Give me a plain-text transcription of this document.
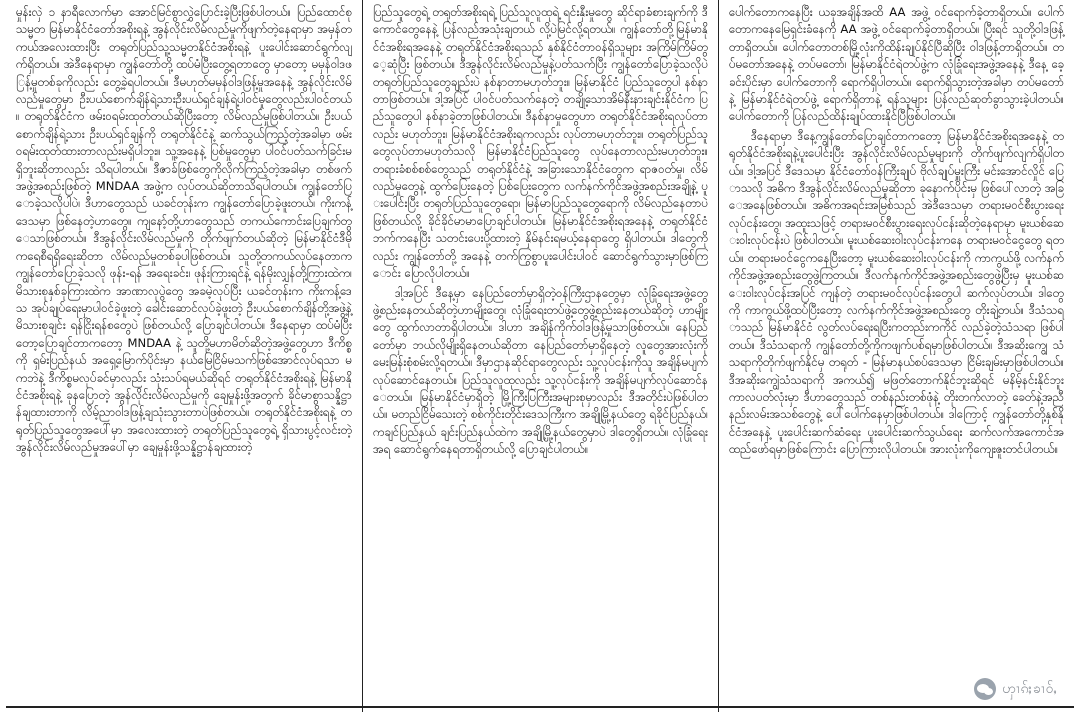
မှုန်းလှဲ ၁ နာရီလောက်မှာ အောင်မြင်စွာလွှဲပြောင်းခဲ့ပြီးဖြစ်ပါတယ်။ ပြည်ထောင်စုသမ္မတ မြန်မာနိုင်ငံတော်အစိုးရနဲ့ အွန်လိုင်းလိမ်လည်မှုကိုဖျက်တဲ့နေရာမှာ အမှန်တကယ်အလေးထားပြီး တရုတ်ပြည်သူ့သမ္မတနိုင်ငံအစိုးရနဲ့ ပူးပေါင်းဆောင်ရွက်လျက်ရှိတယ်။ အဲဒီနေရာမှာ ကျွန်တော်တို့ ထပ်မံပြီးတွေ့ရတာတွေ မှာတော့ မမှန်ဝါဒဖြန့်မှုတစ်ခုကိုလည်း တွေ့ခဲ့ရပါတယ်။ ဒီမဟုတ်မမှန်ဝါဒဖြန့်မှုအနေနဲ့ အွန်လိုင်းလိမ်လည်မှုတွေမှာ ဦးပယ်စောက်ချိန်ရဲ့သားဦးပယ်ရှင်ချန်ရဲ့ပါဝင်မှုတွေလည်းပါဝင်တယ်။ တရုတ်နိုင်ငံက ဖမ်းဝရမ်းထုတ်တယ်ဆိုပြီးတော့ လိမ်လည်မှုဖြစ်ပါတယ်။ ဦးပယ်စောက်ချိန်ရဲ့သား ဦးပယ်ရှင်ချန်ကို တရုတ်နိုင်ငံနဲ့ ဆက်သွယ်ကြည့်တဲ့အခါမှာ ဖမ်းဝရမ်းထုတ်ထားတာလည်းမရှိပါဘူး။ သူ့အနေနဲ့ ပြစ်မှုတွေမှာ ပါဝင်ပတ်သက်ခြင်းမရှိဘူးဆိုတာလည်း သိရပါတယ်။ ဒီဇာခ်ဖြစ်တွေကိုလိုက်ကြည့်တဲ့အခါမှာ တစ်ဖက်အဖွဲ့အစည်းဖြစ်တဲ့ MNDAA အဖွဲ့က လုပ်တယ်ဆိုတာသိရပါတယ်။ ကျွန်တော်ပြောခဲ့သလိုပါပဲ၊ ဒီဟာတွေသည် ယခင်တုန်းက ကျွန်တော်ပြောခဲ့ဖူးတယ်၊ ကိုးကန့်ဒေသမှာ ဖြစ်နေတဲ့ဟာတွေ။ ကျနော့်တို့ဟာတွေသည် တကယ်ကောင်းပြေချက်တွေသာဖြစ်တယ်။ ဒီအွန်လိုင်းလိမ်လည်မှုကို တိုက်ဖျက်တယ်ဆိုတဲ့ မြန်မာနိုင်ငံဒီမိုကရေစီရရှိရေးဆိုတာ လိမ်လည်မှုတစ်ခုပါဖြစ်တယ်။ သူတို့တကယ်လုပ်နေတာက ကျွန်တော်ပြောခဲ့သလို ဖုန်း-ရန် အရေးခင်း၊ ဖုန်းကြားရင်နဲ့ ရန်မိုးလျှန်တို့ကြားထဲက၊ မိသားစုနှစ်ခုကြားထဲက အာဏာလုပွဲတွေ အခမဲ့လုပ်ပြီး ယခင်တုန်းက ကိုးကန့်ဒေသ အုပ်ချုပ်ရေးမှာပါဝင်ခဲ့ဖူးတဲ့ ခေါင်းဆောင်လုပ်ခဲ့ဖူးတဲ့ ဦးပယ်စောက်ချိန်တို့အဖွဲ့နဲ့ မိသားစုချင်း ရန်ငြိုးရန်စတွေပဲ ဖြစ်တယ်လို့ ပြောချင်ပါတယ်။ ဒီနေရာမှာ ထပ်မံပြီးတော့ပြောချင်တာကတော့ MNDAA နဲ့ သူတို့မဟာမိတ်ဆိုတဲ့အဖွဲ့တွေဟာ ဒီကိစ္စကို ရှမ်းပြည်နယ် အရှေ့မြောက်ပိုင်းမှာ နယ်မြေငြိမ်မသက်ဖြစ်အောင်လုပ်ရသာ မကဘဲနဲ့ ဒီကိစ္စမလုပ်ခင်မှာလည်း သုံးသပ်ရမယ်ဆိုရင် တရုတ်နိုင်ငံအစိုးရနဲ့ မြန်မာနိုင်ငံအစိုးရနဲ့ ခုနပြောတဲ့ အွန်လိုင်းလိမ်လည်မှုကို ချေမှုန်းဖို့အတွက် ခိုင်မာစွာသန္နိဋ္ဌာန်ချထားတာကို လိမ့်ညာဝါဒဖြန့်ချသုံးသွားတာပဲဖြစ်တယ်။ တရုတ်နိုင်ငံအစိုးရနဲ့ တရုတ်ပြည်သူတွေအပေါ်မှာ အလေးထားတဲ့ တရုတ်ပြည်သူတွေရဲ့ ရှိသားပွင့်လင်းတဲ့ အွန်လိုင်းလိမ်လည်မှုအပေါ်မှာ ချေမှုန်းဖို့သန္နိဋ္ဌာန်ချထားတဲ့

ပြည်သူတွေရဲ့ တရုတ်အစိုးရရဲ့ ပြည်သူလူထုရဲ့ ရင်းနှီးမှုတွေ ဆိုင်ရာခံစားချက်ကို ဒီကောင်တွေနေနဲ့ ပြန်လည်အသုံးချတယ် လို့ပဲမြင်လို့ရတယ်။ ကျွန်တော်တို့မြန်မာနိုင်ငံအစိုးရအနေနဲ့ တရုတ်နိုင်ငံအစိုးရသည် နှစ်နိုင်ငံတာဝန်ရှိသူများ အကြိမ်ကြိမ်တွေ့ဆုံပြီး ဖြစ်တယ်။ ဒီအွန်လိုင်းလိမ်လည်မှုနဲ့ပတ်သက်ပြီး ကျွန်တော်ပြောခဲ့သလိုပဲ တရုတ်ပြည်သူတွေချည်းပဲ နစ်နာတာမဟုတ်ဘူး။ မြန်မာနိုင်ငံ ပြည်သူတွေပါ နစ်နာတာဖြစ်တယ်။ ဒါ့အပြင် ပါဝင်ပတ်သက်နေတဲ့ တချို့သောအိမ်နီးနားချင်းနိုင်ငံက ပြည်သူတွေပါ နစ်နာခဲ့တာဖြစ်ပါတယ်။ ဒီနစ်နာမှုတွေဟာ တရုတ်နိုင်ငံအစိုးရလုပ်တာလည်း မဟုတ်ဘူး၊ မြန်မာနိုင်ငံအစိုးရကလည်း လုပ်တာမဟုတ်ဘူး။ တရုတ်ပြည်သူတွေလုပ်တာမဟုတ်သလို မြန်မာနိုင်ငံပြည်သူတွေ လုပ်နေတာလည်းမဟုတ်ဘူး။ တရားခံစစ်စစ်တွေသည် တရုတ်နိုင်ငံနဲ့ အခြားသောနိုင်ငံတွေက ရာဇဝတ်မှု၊ လိမ်လည်မှုတွေနဲ့ ထွက်ပြေးနေတဲ့ ပြစ်ပြေးတွေက လက်နက်ကိုင်အဖွဲ့အစည်းအချို့နဲ့ ပူးပေါင်းပြီး တရုတ်ပြည်သူတွေရော၊ မြန်မာပြည်သူတွေရောကို လိမ်လည်နေတာပဲဖြစ်တယ်လို့ ခိုင်ခိုင်မာမာပြောချင်ပါတယ်။ မြန်မာနိုင်ငံအစိုးရအနေနဲ့ တရုတ်နိုင်ငံဘက်ကနေပြီး သတင်းပေးပို့ထားတဲ့ နှိမ်နင်းရမယ့်နေရာတွေ ရှိပါတယ်။ ဒါတွေကိုလည်း ကျွန်တော်တို့ အနေနဲ့ တက်ကြွစွာပူးပေါင်းပါဝင် ဆောင်ရွက်သွားမှာဖြစ်ကြောင်း ပြောလိုပါတယ်။

ဒါ့အပြင် ဒီနေ့မှာ နေပြည်တော်မှာရှိတဲ့ဝန်ကြီးဌာနတွေမှာ လုံခြုံရေးအဖွဲ့တွေ ဖွဲ့စည်းနေတယ်ဆိုတဲ့ဟာမျိုးတွေ၊ လုံခြုံရေးတပ်ဖွဲ့တွေဖွဲ့စည်းနေတယ်ဆိုတဲ့ ဟာမျိုးတွေ ထွက်လာတာရှိပါတယ်။ ဒါဟာ အချိန်ကိုက်ဝါဒဖြန့်မှုသာဖြစ်တယ်။ နေပြည်တော်မှာ ဘယ်လိုမျိုးရှိနေတယ်ဆိုတာ နေပြည်တော်မှာရှိနေတဲ့ လူတွေအားလုံးကို မေးမြန်းစုံစမ်းလို့ရတယ်။ ဒီမှာဌာနဆိုင်ရာတွေလည်း သူ့လုပ်ငန်းကိုသူ အချိန်မပျက်လုပ်ဆောင်နေတယ်။ ပြည်သူလူထုလည်း သူ့လုပ်ငန်းကို အချိန်မပျက်လုပ်ဆောင်နေတယ်။ မြန်မာနိုင်ငံမှာရှိတဲ့ မြို့ကြီးပြကြီးအများစုမှာလည်း ဒီအတိုင်းပဲဖြစ်ပါတယ်။ မတည်ငြိမ်သေးတဲ့ စစ်ကိုင်းတိုင်းဒေသကြီးက အချို့မြို့နယ်တွေ ရခိုင်ပြည်နယ်၊ ကချင်ပြည်နယ် ချင်းပြည်နယ်ထဲက အချို့မြို့နယ်တွေမှာပဲ ဒါတွေရှိတယ်။ လုံခြုံရေးအရ ဆောင်ရွက်နေရတာရှိတယ်လို့ ပြောချင်ပါတယ်။

ပေါက်တောကနေပြီး ယခုအချိန်အထိ AA အဖွဲ့ ဝင်ရောက်ခဲ့တာရှိတယ်။ ပေါက်တောကနေမြေရှင်းခံနေကို AA အဖွဲ့ ဝင်ရောက်ခဲ့တာရှိတယ်။ ပြီးရင် သူတို့ဝါဒဖြန့်တာရှိတယ်။ ပေါက်တောတစ်မြို့လုံးကိုထိန်းချုပ်နိုင်ပြီဆိုပြီး ဝါဒဖြန့်တာရှိတယ်။ တပ်မတော်အနေနဲ့ တပ်မတော်၊ မြန်မာနိုင်ငံရဲတပ်ဖွဲ့က လုံခြုံရေးအဖွဲ့အနေနဲ့ ဒီနေ့ ခေ့ခင်းပိုင်းမှာ ပေါက်တောကို ရောက်ရှိပါတယ်။ ရောက်ရှိသွားတဲ့အခါမှာ တပ်မတော်နဲ့ မြန်မာနိုင်ငံရဲတပ်ဖွဲ့ ရောက်ရှိတာနဲ့ ရန်သူများ ပြန်လည်ဆုတ်ခွာသွားခဲ့ပါတယ်။ ပေါက်တောကို ပြန်လည်ထိန်းချုပ်ထားနိုင်ပြီဖြစ်ပါတယ်။

ဒီနေရာမှာ ဒီနေ့ကျွန်တော်ပြောချင်တာကတော့ မြန်မာနိုင်ငံအစိုးရအနေနဲ့ တရုတ်နိုင်ငံအစိုးရနဲ့ပူးပေါင်းပြီး အွန်လိုင်းလိမ်လည်မှုများကို တိုက်ဖျက်လျက်ရှိပါတယ်။ ဒါ့အပြင် ဒီဒေသမှာ နိုင်ငံတော်ဝန်ကြီးချုပ် ဗိုလ်ချုပ်မှူးကြီး မင်းအောင်လှိုင် ပြောသလို အဓိက ဒီအွန်လိုင်းလိမ်လည်မှုဆိုတာ ခုနောက်ပိုင်းမှ ဖြစ်ပေါ်လာတဲ့ အခြေအနေဖြစ်တယ်။ အဓိကအရင်းအမြစ်သည် အဲဒီဒေသမှာ တရားမဝင်စီးပွားရေးလုပ်ငန်းတွေ၊ အထူးသဖြင့် တရားမဝင်စီးပွားရေးလုပ်ငန်းဆိုတဲ့နေရာမှာ မူးယစ်ဆေးဝါးလုပ်ငန်းပဲ ဖြစ်ပါတယ်။ မူးယစ်ဆေးဝါးလုပ်ငန်းကနေ တရားမဝင်ငွေတွေ ရတယ်။ တရားမဝင်ငွေကနေပြီးတော့ မူးယစ်ဆေးဝါးလုပ်ငန်းကို ကာကွယ်ဖို့ လက်နက်ကိုင်အဖွဲ့အစည်းတွေဖွဲ့ကြတယ်။ ဒီလက်နက်ကိုင်အဖွဲ့အစည်းတွေဖွဲ့ပြီးမှ မူးယစ်ဆေးဝါးလုပ်ငန်းအပြင် ကျန်တဲ့ တရားမဝင်လုပ်ငန်းတွေပါ ဆက်လုပ်တယ်။ ဒါတွေကို ကာကွယ်ဖို့ထပ်ပြီးတော့ လက်နက်ကိုင်အဖွဲ့အစည်းတွေ တိုးချဲ့တယ်။ ဒီသံသရာသည် မြန်မာနိုင်ငံ လွတ်လပ်ရေးရပြီးကတည်းကကိုင် လည်ခဲ့တဲ့သံသရာ ဖြစ်ပါတယ်။ ဒီသံသရာကို ကျွန်တော်တို့ကိုကဖျက်ပစ်ရမှာဖြစ်ပါတယ်။ ဒီအဆိုးကျွေ သံသရာကိုတိုက်ဖျက်နိုင်မှ တရုတ် - မြန်မာနယ်စပ်ဒေသမှာ ငြိမ်းချမ်းမှာဖြစ်ပါတယ်။ ဒီအဆိုးကျွေဲသံသရာကို အကယ်၍ မဖြတ်တောက်နိုင်ဘူးဆိုရင် မနိမ့်နင်းနိုင်ဘူး ကာလပတ်လုံးမှာ ဒီဟာတွေသည် တစ်နည်းတစ်ဖုံနဲ့ တိုးတက်လာတဲ့ ခေတ်နဲ့အညီ နည်းလမ်းအသစ်တွေနဲ့ ပေါ်ပေါက်နေမှာဖြစ်ပါတယ်။ ဒါကြောင့် ကျွန်တော်တို့နှစ်နိုင်ငံအနေနဲ့ ပူးပေါင်းဆက်ဆံရေး ပူးပေါင်းဆက်သွယ်ရေး ဆက်လက်အကောင်အထည်ဖော်ရမှာဖြစ်ကြောင်း ပြောကြားလိုပါတယ်။ အားလုံးကိုကျေးဇူးတင်ပါတယ်။

ၯၢၵ်ႈၶၢဝ်ႇ
